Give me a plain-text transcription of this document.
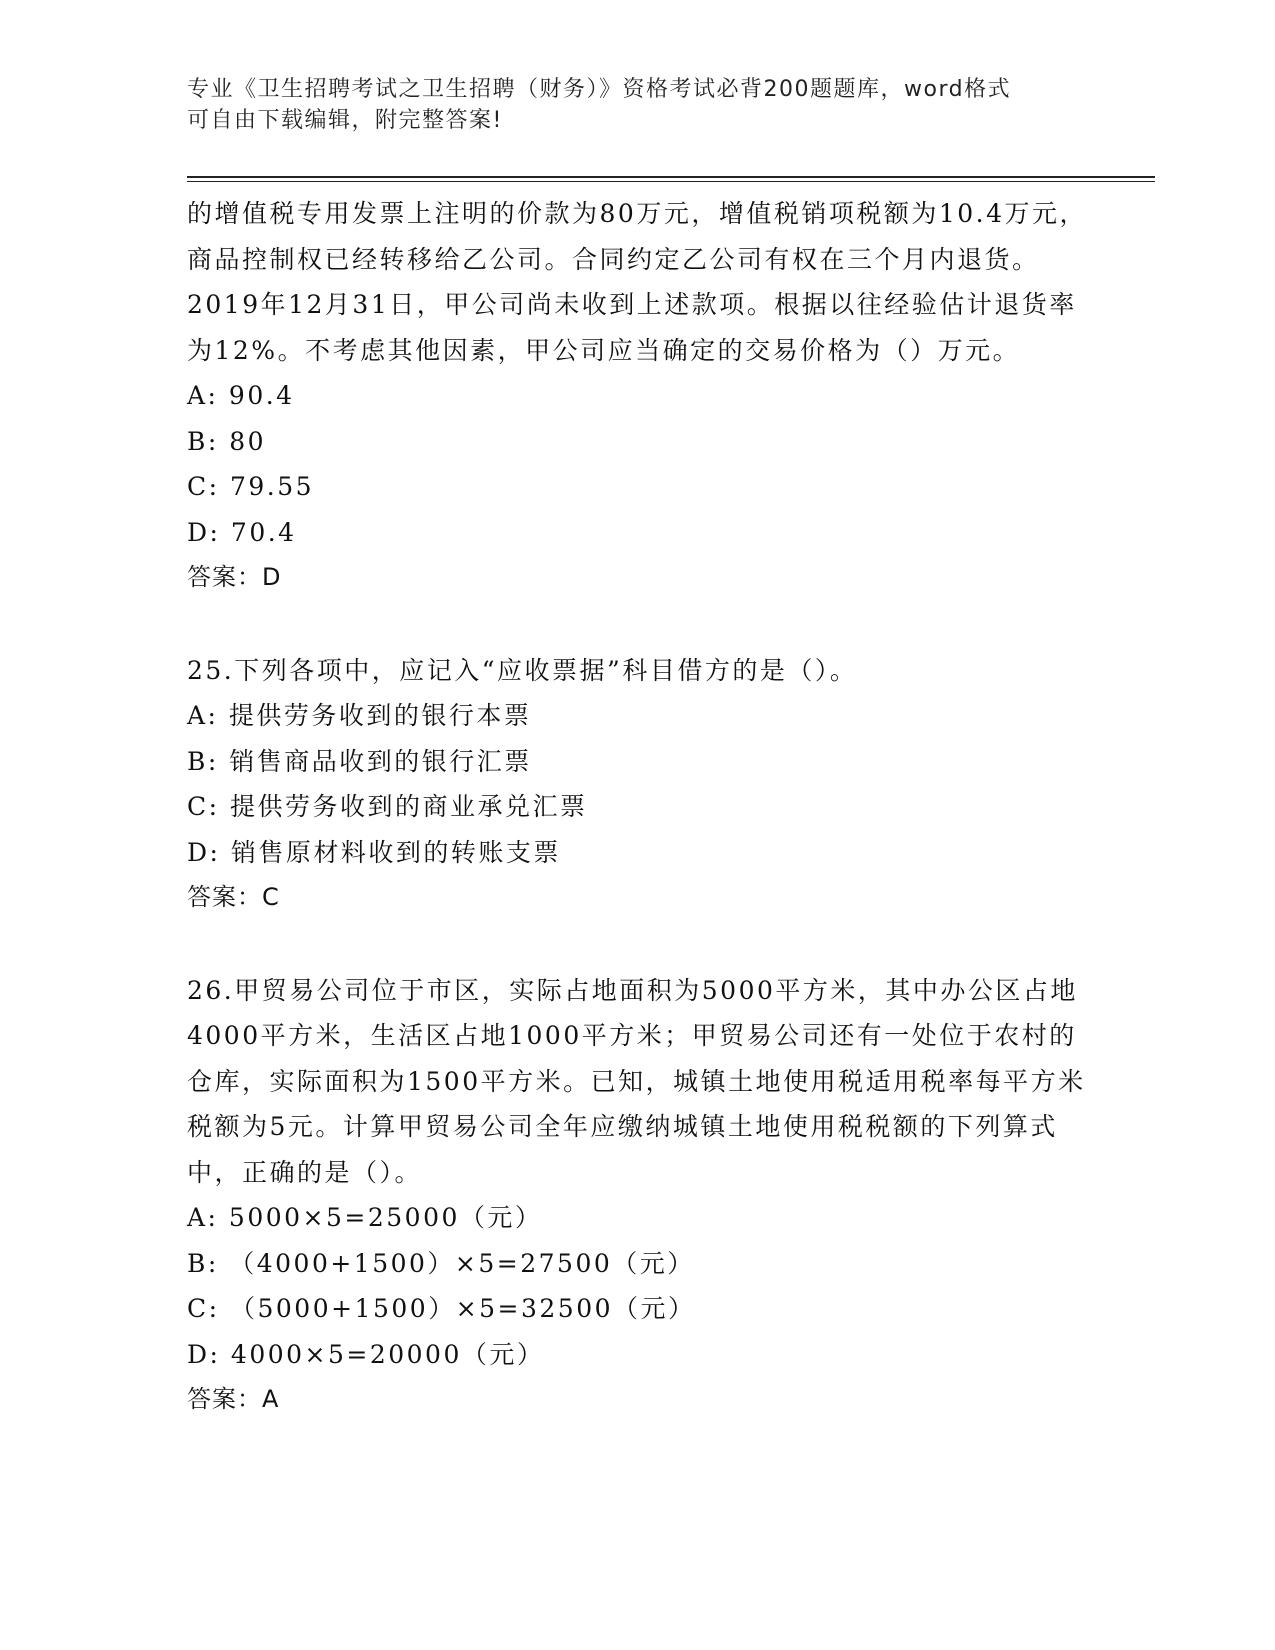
专业《卫生招聘考试之卫生招聘（财务）》资格考试必背200题题库，word格式
可自由下载编辑，附完整答案!
的增值税专用发票上注明的价款为80万元，增值税销项税额为10.4万元，商品控制权已经转移给乙公司。合同约定乙公司有权在三个月内退货。2019年12月31日，甲公司尚未收到上述款项。根据以往经验估计退货率为12%。不考虑其他因素，甲公司应当确定的交易价格为（）万元。
A: 90.4
B: 80
C: 79.55
D: 70.4
答案：D
25.下列各项中，应记入“应收票据”科目借方的是（）。
A: 提供劳务收到的银行本票
B: 销售商品收到的银行汇票
C: 提供劳务收到的商业承兑汇票
D: 销售原材料收到的转账支票
答案：C
26.甲贸易公司位于市区，实际占地面积为5000平方米，其中办公区占地4000平方米，生活区占地1000平方米；甲贸易公司还有一处位于农村的仓库，实际面积为1500平方米。已知，城镇土地使用税适用税率每平方米税额为5元。计算甲贸易公司全年应缴纳城镇土地使用税税额的下列算式中，正确的是（）。
A: 5000×5=25000（元）
B: （4000+1500）×5=27500（元）
C: （5000+1500）×5=32500（元）
D: 4000×5=20000（元）
答案：A
